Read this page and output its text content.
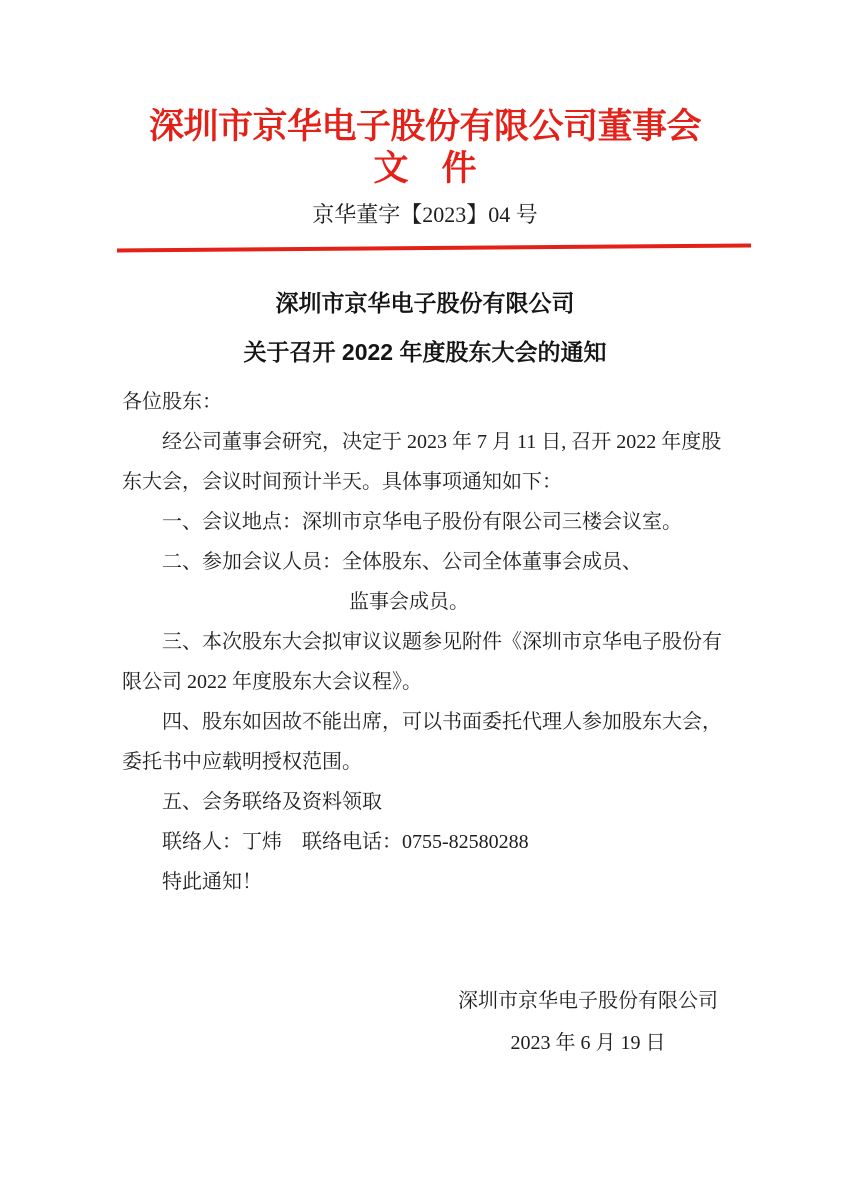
深圳市京华电子股份有限公司董事会
文 件
京华董字【2023】04 号
深圳市京华电子股份有限公司
关于召开 2022 年度股东大会的通知
各位股东：
经公司董事会研究，决定于 2023 年 7 月 11 日, 召开 2022 年度股
东大会，会议时间预计半天。具体事项通知如下：
一、会议地点：深圳市京华电子股份有限公司三楼会议室。
二、参加会议人员：全体股东、公司全体董事会成员、
监事会成员。
三、本次股东大会拟审议议题参见附件《深圳市京华电子股份有
限公司 2022 年度股东大会议程》。
四、股东如因故不能出席，可以书面委托代理人参加股东大会，
委托书中应载明授权范围。
五、会务联络及资料领取
联络人：丁炜　联络电话：0755-82580288
特此通知！
深圳市京华电子股份有限公司
2023 年 6 月 19 日
